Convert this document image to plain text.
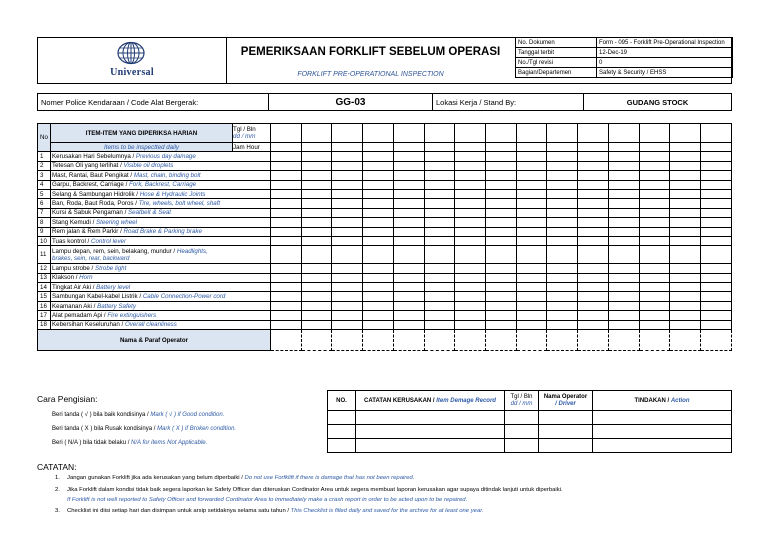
Universal
PEMERIKSAAN FORKLIFT SEBELUM OPERASI
FORKLIFT PRE-OPERATIONAL INSPECTION
No. Dokumen	Form - 095 - Forklift Pre-Operational Inspection
Tanggal terbit	12-Dec-19
No./Tgl revisi	0
Bagian/Departemen	Safety & Security / EHSS
Nomer Police Kendaraan / Code Alat Bergerak:	GG-03	Lokasi Kerja / Stand By:	GUDANG STOCK
No	ITEM-ITEM YANG DIPERIKSA HARIAN	Tgl / Bln
dd / mm															
	Items to be inspectted daily	Jam Hour															
1	Kerusakan Hari Sebelumnya / Previous day damage																
2	Tetesan Oli yang terlihat / Visible oil droplets																
3	Mast, Rantai, Baut Pengikat / Mast, chain, binding bolt																
4	Garpu, Backrest, Carriage / Fork, Backrest, Carriage																
5	Selang & Sambungan Hidrolik / Hose & Hydraulic Joints																
6	Ban, Roda, Baut Roda, Poros / Tire, wheels, bolt wheel, shaft																
7	Kursi & Sabuk Pengaman / Seatbelt & Seat																
8	Stang Kemudi / Steering wheel																
9	Rem jalan & Rem Parkir / Road Brake & Parking brake																
10	Tuas kontrol / Control lever																
11	Lampu depan, rem, sein, belakang, mundur / Headlights,
brakes, sein, rear, backward																
12	Lampu strobe / Strobe light																
13	Klakson / Horn																
14	Tingkat Air Aki / Battery level																
15	Sambungan Kabel-kabel Listrik / Cable Connection-Power cord																
16	Keamanan Aki / Battery Safety																
17	Alat pemadam Api / Fire extinguishers																
18	Kebersihan Keseluruhan / Overall cleanliness																
Nama & Paraf Operator																	
Cara Pengisian:
Beri tanda ( √ ) bila baik kondisinya / Mark ( √ ) if Good condition.
Beri tanda ( X ) bila Rusak kondisinya / Mark ( X ) if Broken condition.
Beri ( N/A ) bila tidak belaku / N/A for items Not Applicable.
NO.	CATATAN KERUSAKAN / Item Demage Record	Tgl / Bln
dd / mm	Nama Operator
/ Driver	TINDAKAN / Action

CATATAN:
1. Jangan gunakan Forklift jika ada kerusakan yang belum diperbaiki / Do not use Forfklift if there is damage that has not been repaired.
2. Jika Forklift dalam kondisi tidak baik segera laporkan ke Safety Officer dan diteruskan Cordinator Area untuk segera membuat laporan kerusakan agar supaya ditindak lanjuti untuk diperbaiki.
If Forklift is not well reported to Safety Officer and forwarded Cordinator Area to immediately make a crash report in order to be acted upon to be repaired.
3. Checklist ini diisi setiap hari dan disimpan untuk arsip setidaknya selama satu tahun / This Checklist is filled daily and saved for the archive for at least one year.
